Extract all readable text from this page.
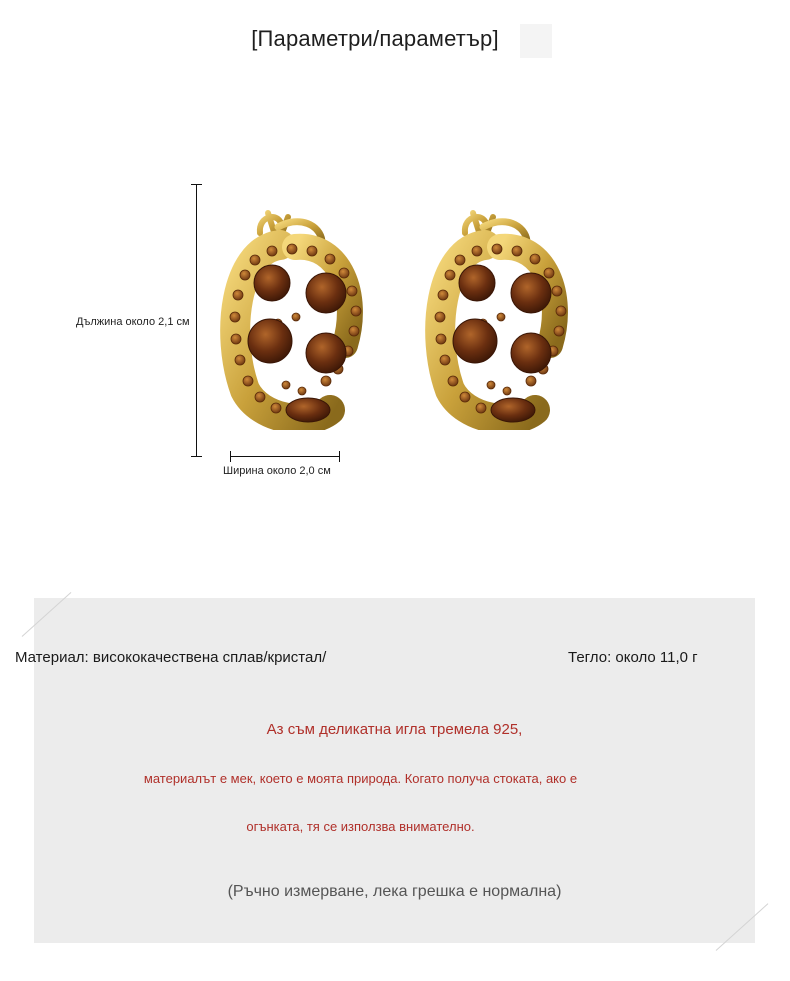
[Параметри/параметър]
Дължина около 2,1 см
Ширина около 2,0 см
Материал: висококачествена сплав/кристал/	Тегло: около 11,0 г
Аз съм деликатна игла тремела 925,
материалът е мек, което е моята природа. Когато получа стоката, ако е
огънката, тя се използва внимателно.
(Ръчно измерване, лека грешка е нормална)
